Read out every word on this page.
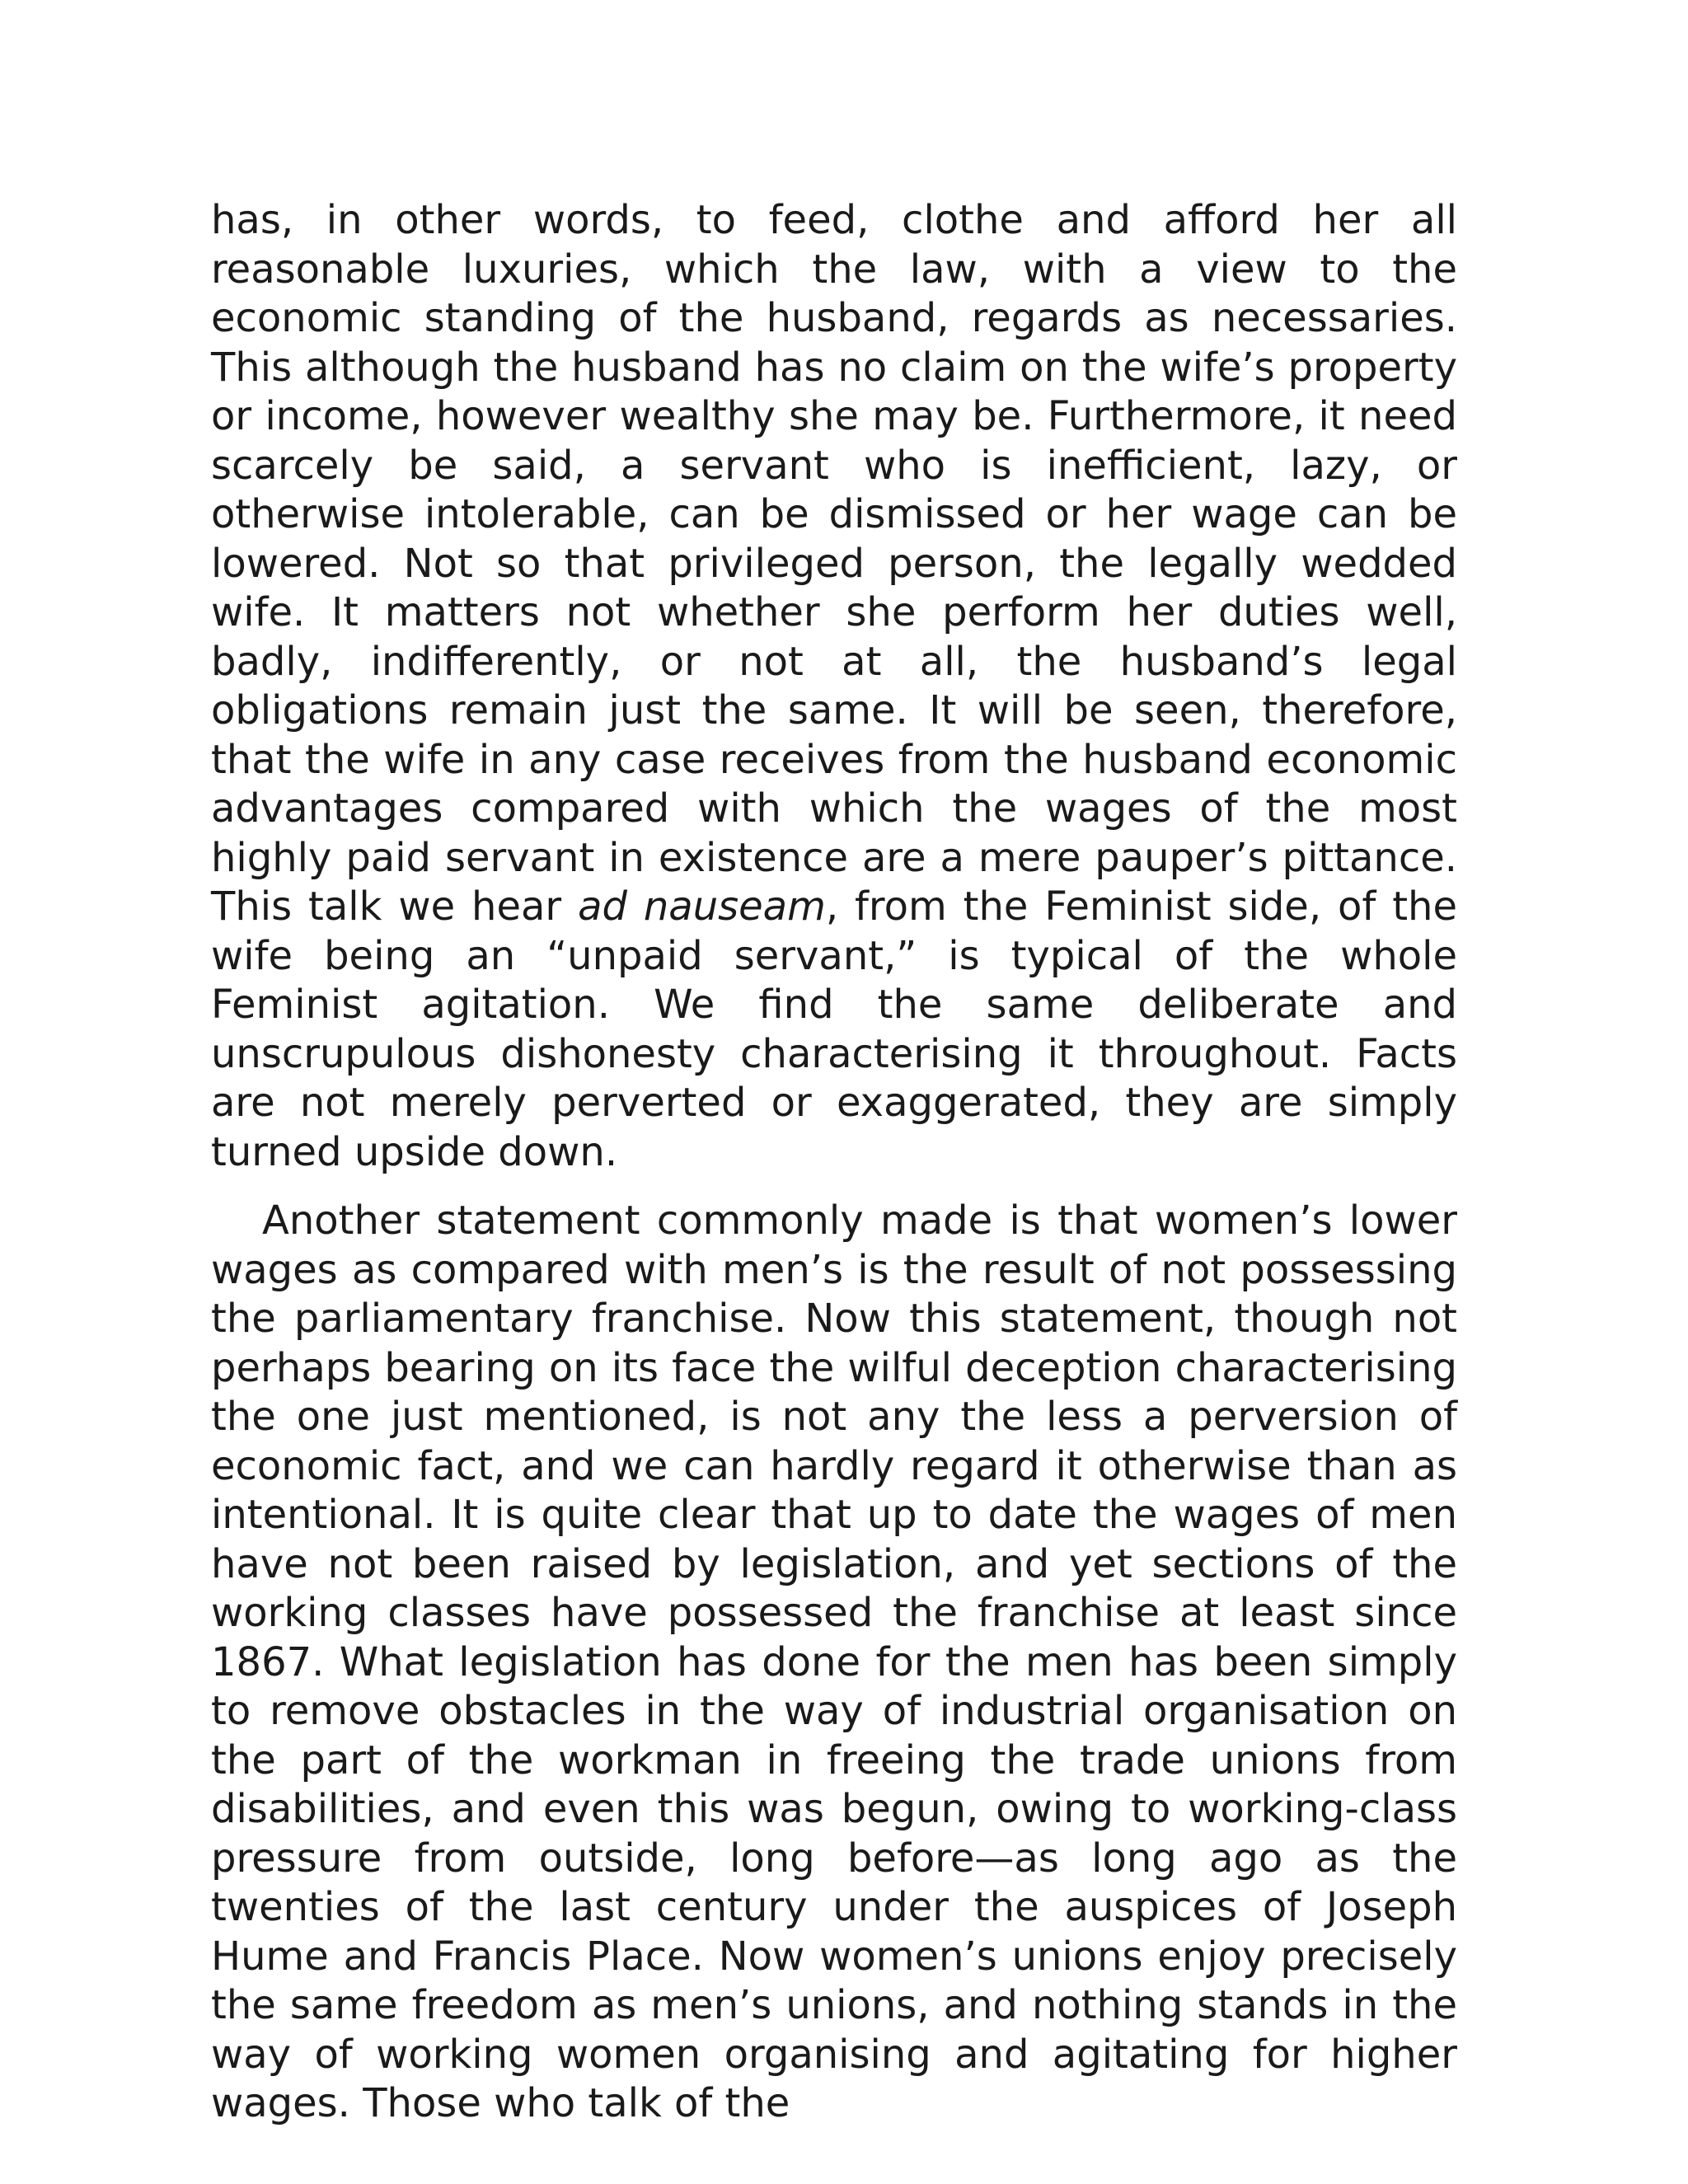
has, in other words, to feed, clothe and afford her all reasonable luxuries, which the law, with a view to the economic standing of the husband, regards as necessaries. This although the husband has no claim on the wife’s property or income, however wealthy she may be. Furthermore, it need scarcely be said, a servant who is inefficient, lazy, or otherwise intolerable, can be dismissed or her wage can be lowered. Not so that privileged person, the legally wedded wife. It matters not whether she perform her duties well, badly, indifferently, or not at all, the husband’s legal obligations remain just the same. It will be seen, therefore, that the wife in any case receives from the husband economic advantages compared with which the wages of the most highly paid servant in existence are a mere pauper’s pittance. This talk we hear ad nauseam, from the Feminist side, of the wife being an “unpaid servant,” is typical of the whole Feminist agitation. We find the same deliberate and unscrupulous dishonesty characterising it throughout. Facts are not merely perverted or exaggerated, they are simply turned upside down.

Another statement commonly made is that women’s lower wages as compared with men’s is the result of not possessing the parliamentary franchise. Now this statement, though not perhaps bearing on its face the wilful deception characterising the one just mentioned, is not any the less a perversion of economic fact, and we can hardly regard it otherwise than as intentional. It is quite clear that up to date the wages of men have not been raised by legislation, and yet sections of the working classes have possessed the franchise at least since 1867. What legislation has done for the men has been simply to remove obstacles in the way of industrial organisation on the part of the workman in freeing the trade unions from disabilities, and even this was begun, owing to working-class pressure from outside, long before—as long ago as the twenties of the last century under the auspices of Joseph Hume and Francis Place. Now women’s unions enjoy precisely the same freedom as men’s unions, and nothing stands in the way of working women organising and agitating for higher wages. Those who talk of the
